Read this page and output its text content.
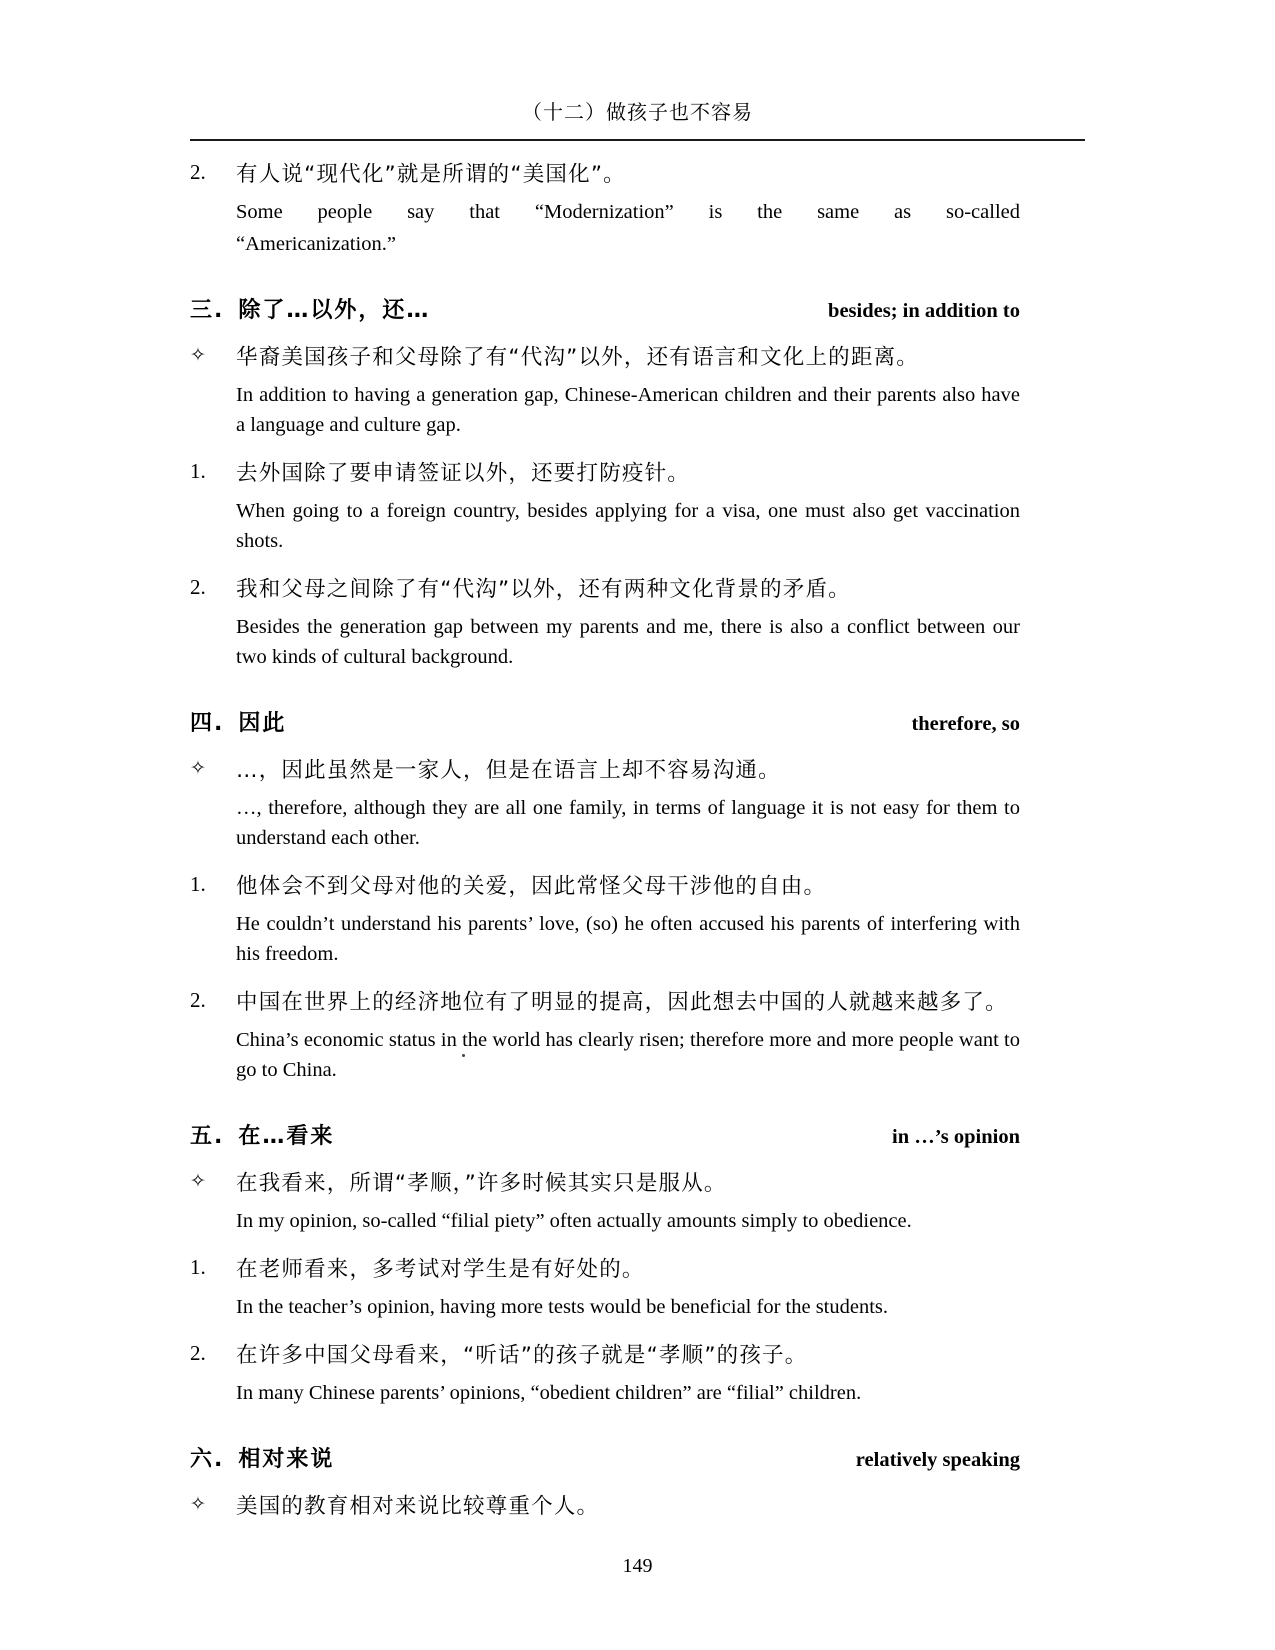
（十二）做孩子也不容易
2.	有人说“现代化”就是所谓的“美国化”。
Some people say that “Modernization” is the same as so-called
“Americanization.”
三. 除了…以外，还…	besides; in addition to
✧	华裔美国孩子和父母除了有“代沟”以外，还有语言和文化上的距离。
In addition to having a generation gap, Chinese-American children and their parents also have a language and culture gap.
1.	去外国除了要申请签证以外，还要打防疫针。
When going to a foreign country, besides applying for a visa, one must also get vaccination shots.
2.	我和父母之间除了有“代沟”以外，还有两种文化背景的矛盾。
Besides the generation gap between my parents and me, there is also a conflict between our two kinds of cultural background.
四. 因此	therefore, so
✧	…，因此虽然是一家人，但是在语言上却不容易沟通。
…, therefore, although they are all one family, in terms of language it is not easy for them to understand each other.
1.	他体会不到父母对他的关爱，因此常怪父母干涉他的自由。
He couldn’t understand his parents’ love, (so) he often accused his parents of interfering with his freedom.
2.	中国在世界上的经济地位有了明显的提高，因此想去中国的人就越来越多了。
China’s economic status in the world has clearly risen; therefore more and more people want to go to China.
五. 在…看来	in …’s opinion
✧	在我看来，所谓“孝顺，”许多时候其实只是服从。
In my opinion, so-called “filial piety” often actually amounts simply to obedience.
1.	在老师看来，多考试对学生是有好处的。
In the teacher’s opinion, having more tests would be beneficial for the students.
2.	在许多中国父母看来，“听话”的孩子就是“孝顺”的孩子。
In many Chinese parents’ opinions, “obedient children” are “filial” children.
六. 相对来说	relatively speaking
✧	美国的教育相对来说比较尊重个人。
149
